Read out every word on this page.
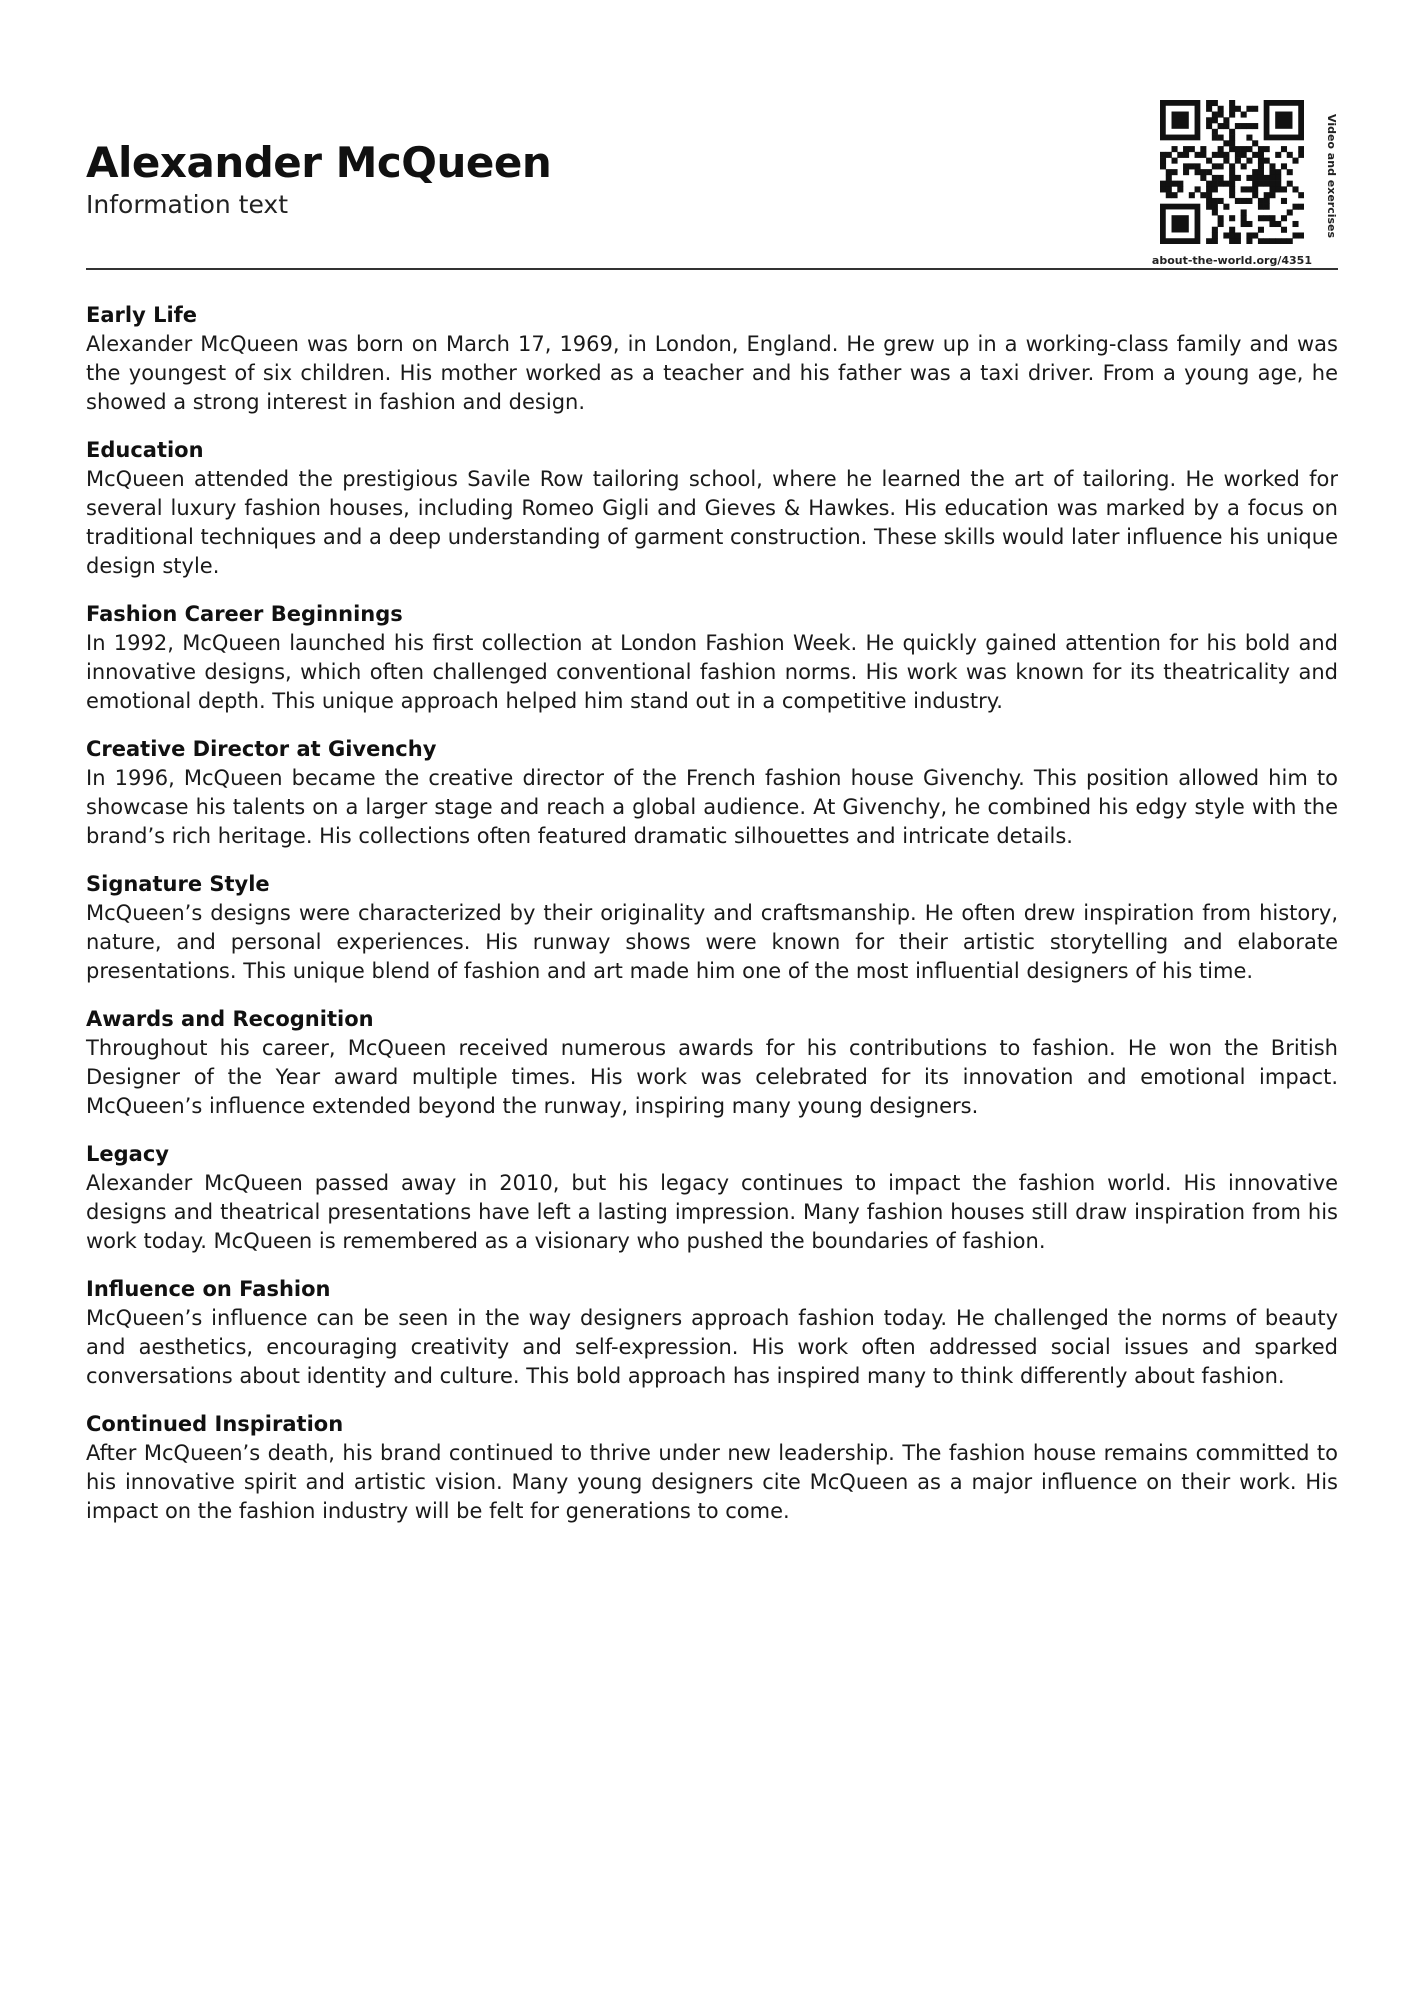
Alexander McQueen
Information text	Video and exercises
about-the-world.org/4351
Early Life

Alexander McQueen was born on March 17, 1969, in London, England. He grew up in a working-class family and was the youngest of six children. His mother worked as a teacher and his father was a taxi driver. From a young age, he showed a strong interest in fashion and design.

Education

McQueen attended the prestigious Savile Row tailoring school, where he learned the art of tailoring. He worked for several luxury fashion houses, including Romeo Gigli and Gieves & Hawkes. His education was marked by a focus on traditional techniques and a deep understanding of garment construction. These skills would later influence his unique design style.

Fashion Career Beginnings

In 1992, McQueen launched his first collection at London Fashion Week. He quickly gained attention for his bold and innovative designs, which often challenged conventional fashion norms. His work was known for its theatricality and emotional depth. This unique approach helped him stand out in a competitive industry.

Creative Director at Givenchy

In 1996, McQueen became the creative director of the French fashion house Givenchy. This position allowed him to showcase his talents on a larger stage and reach a global audience. At Givenchy, he combined his edgy style with the brand’s rich heritage. His collections often featured dramatic silhouettes and intricate details.

Signature Style

McQueen’s designs were characterized by their originality and craftsmanship. He often drew inspiration from history, nature, and personal experiences. His runway shows were known for their artistic storytelling and elaborate presentations. This unique blend of fashion and art made him one of the most influential designers of his time.

Awards and Recognition

Throughout his career, McQueen received numerous awards for his contributions to fashion. He won the British Designer of the Year award multiple times. His work was celebrated for its innovation and emotional impact. McQueen’s influence extended beyond the runway, inspiring many young designers.

Legacy

Alexander McQueen passed away in 2010, but his legacy continues to impact the fashion world. His innovative designs and theatrical presentations have left a lasting impression. Many fashion houses still draw inspiration from his work today. McQueen is remembered as a visionary who pushed the boundaries of fashion.

Influence on Fashion

McQueen’s influence can be seen in the way designers approach fashion today. He challenged the norms of beauty and aesthetics, encouraging creativity and self-expression. His work often addressed social issues and sparked conversations about identity and culture. This bold approach has inspired many to think differently about fashion.

Continued Inspiration

After McQueen’s death, his brand continued to thrive under new leadership. The fashion house remains committed to his innovative spirit and artistic vision. Many young designers cite McQueen as a major influence on their work. His impact on the fashion industry will be felt for generations to come.
